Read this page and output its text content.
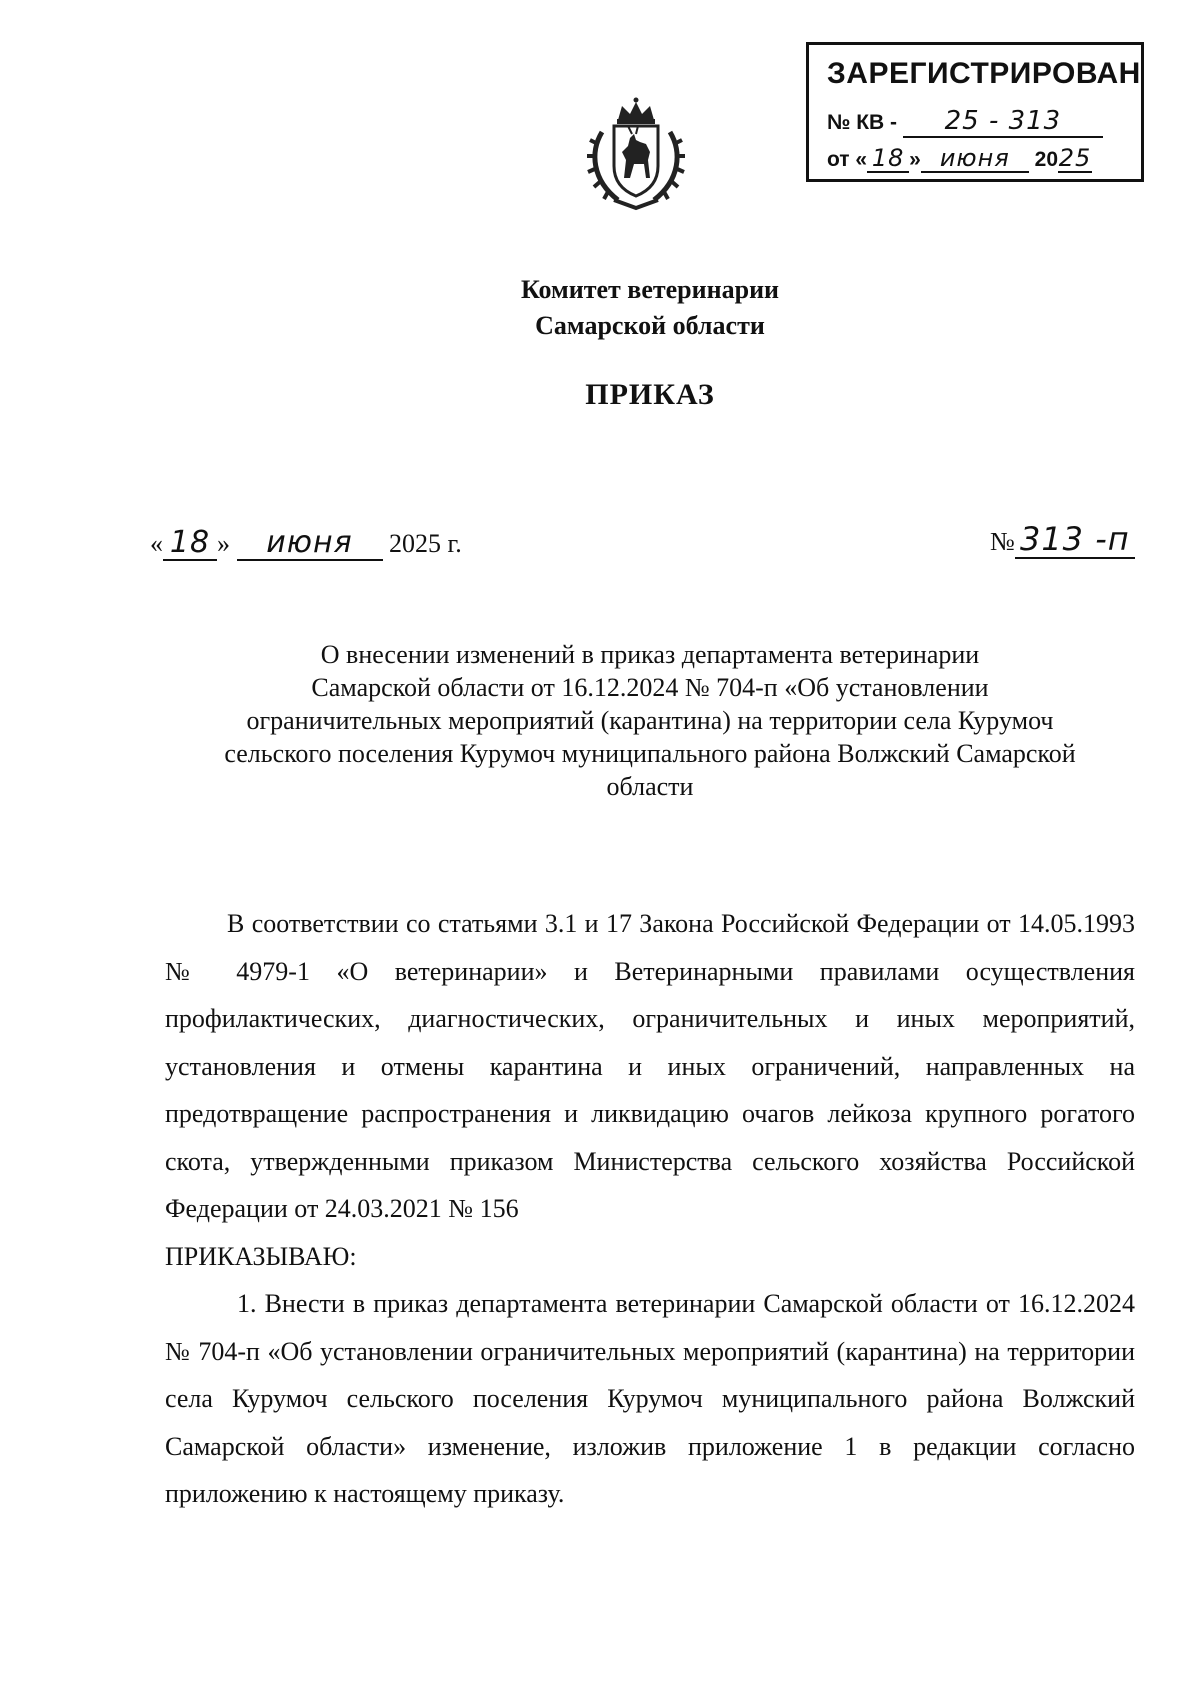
ЗАРЕГИСТРИРОВАН
№ КВ - 25 - 313
от « 18 » июня 2025
Комитет ветеринарии
Самарской области
ПРИКАЗ
« 18 » июня 2025 г.	№ 313 -п
О внесении изменений в приказ департамента ветеринарии
Самарской области от 16.12.2024 № 704-п «Об установлении
ограничительных мероприятий (карантина) на территории села Курумоч
сельского поселения Курумоч муниципального района Волжский Самарской
области

В соответствии со статьями 3.1 и 17 Закона Российской Федерации от 14.05.1993 № 4979-1 «О ветеринарии» и Ветеринарными правилами осуществления профилактических, диагностических, ограничительных и иных мероприятий, установления и отмены карантина и иных ограничений, направленных на предотвращение распространения и ликвидацию очагов лейкоза крупного рогатого скота, утвержденными приказом Министерства сельского хозяйства Российской Федерации от 24.03.2021 № 156

ПРИКАЗЫВАЮ:

1. Внести в приказ департамента ветеринарии Самарской области от 16.12.2024 № 704-п «Об установлении ограничительных мероприятий (карантина) на территории села Курумоч сельского поселения Курумоч муниципального района Волжский Самарской области» изменение, изложив приложение 1 в редакции согласно приложению к настоящему приказу.
